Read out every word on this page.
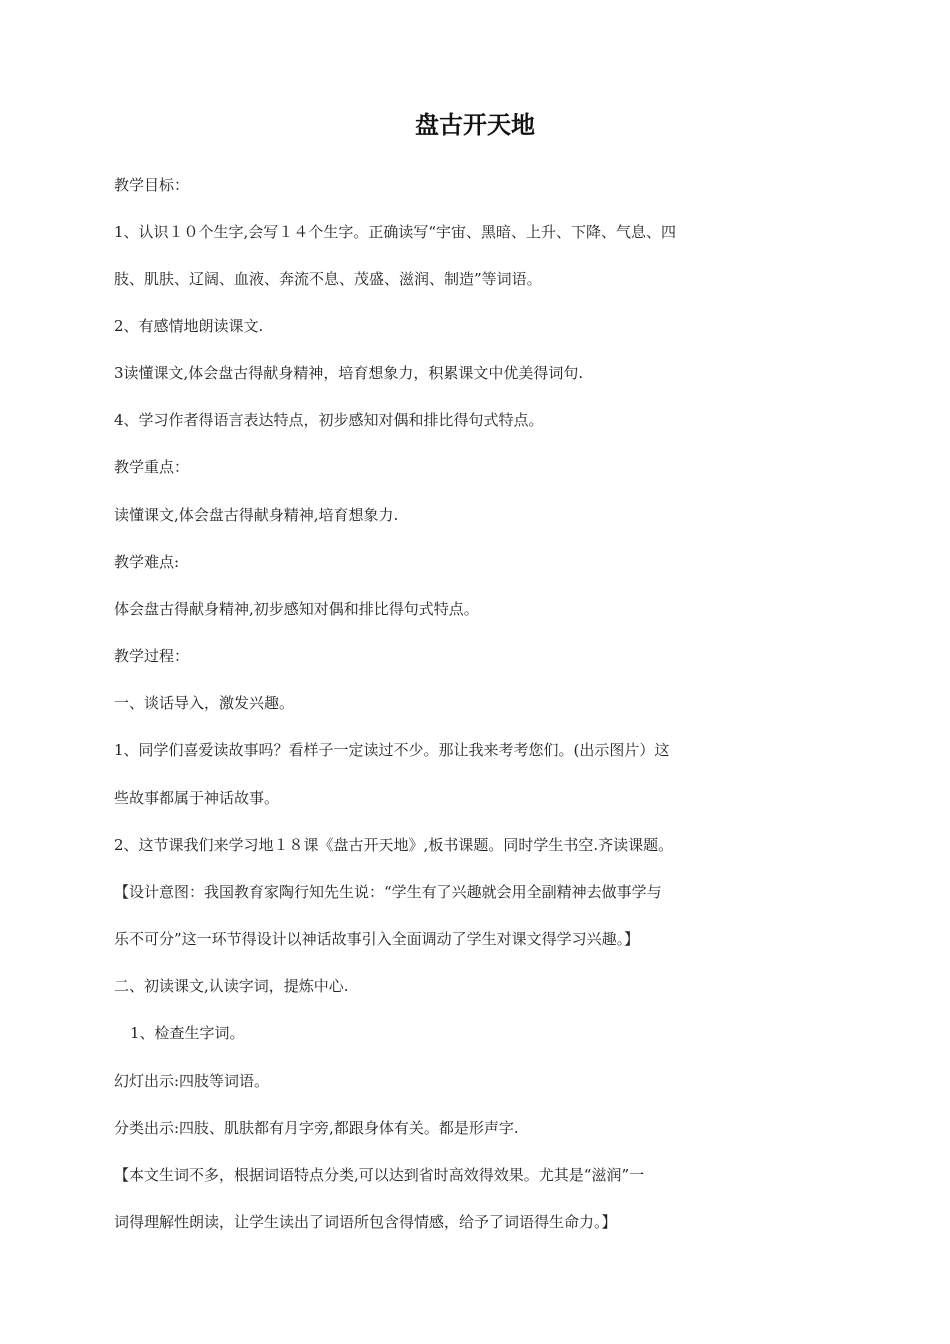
盘古开天地
教学目标：
1、认识１０个生字,会写１４个生字。正确读写“宇宙、黑暗、上升、下降、气息、四
肢、肌肤、辽阔、血液、奔流不息、茂盛、滋润、制造”等词语。
2、有感情地朗读课文.
3读懂课文,体会盘古得献身精神，培育想象力，积累课文中优美得词句.
4、学习作者得语言表达特点，初步感知对偶和排比得句式特点。
教学重点：
读懂课文,体会盘古得献身精神,培育想象力.
教学难点:
体会盘古得献身精神,初步感知对偶和排比得句式特点。
教学过程：
一、谈话导入，激发兴趣。
1、同学们喜爱读故事吗？看样子一定读过不少。那让我来考考您们。(出示图片）这
些故事都属于神话故事。
2、这节课我们来学习地１８课《盘古开天地》,板书课题。同时学生书空.齐读课题。
【设计意图：我国教育家陶行知先生说：“学生有了兴趣就会用全副精神去做事学与
乐不可分”这一环节得设计以神话故事引入全面调动了学生对课文得学习兴趣。】
二、初读课文,认读字词，提炼中心.
1、检查生字词。
幻灯出示:四肢等词语。
分类出示:四肢、肌肤都有月字旁,都跟身体有关。都是形声字.
【本文生词不多，根据词语特点分类,可以达到省时高效得效果。尤其是“滋润”一
词得理解性朗读，让学生读出了词语所包含得情感，给予了词语得生命力。】
